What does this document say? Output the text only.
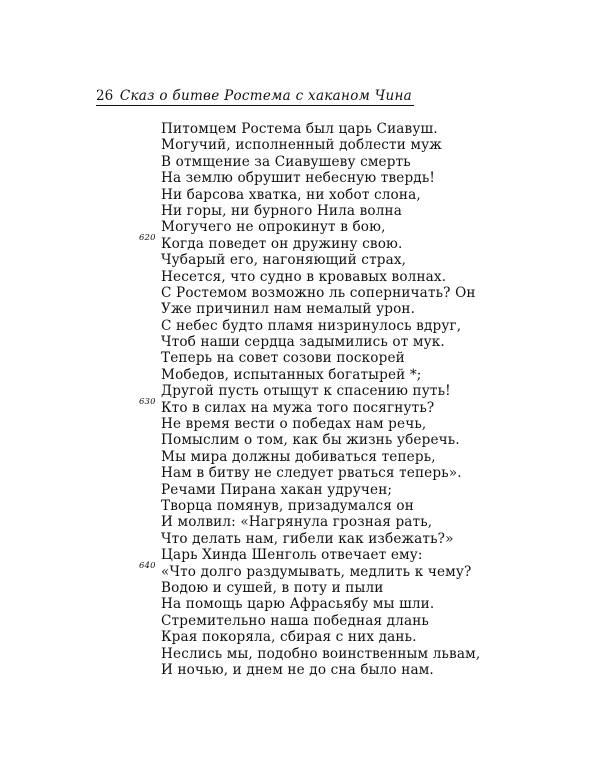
26 Сказ о битве Ростема с хаканом Чина
Питомцем Ростема был царь Сиавуш.
Могучий, исполненный доблести муж
В отмщение за Сиавушеву смерть
На землю обрушит небесную твердь!
Ни барсова хватка, ни хобот слона,
Ни горы, ни бурного Нила волна
Могучего не опрокинут в бою,
620 Когда поведет он дружину свою.
Чубарый его, нагоняющий страх,
Несется, что судно в кровавых волнах.
С Ростемом возможно ль соперничать? Он
Уже причинил нам немалый урон.
С небес будто пламя низринулось вдруг,
Чтоб наши сердца задымились от мук.
Теперь на совет созови поскорей
Мобедов, испытанных богатырей *;
Другой пусть отыщут к спасению путь!
630 Кто в силах на мужа того посягнуть?
Не время вести о победах нам речь,
Помыслим о том, как бы жизнь уберечь.
Мы мира должны добиваться теперь,
Нам в битву не следует рваться теперь».
Речами Пирана хакан удручен;
Творца помянув, призадумался он
И молвил: «Нагрянула грозная рать,
Что делать нам, гибели как избежать?»
Царь Хинда Шенголь отвечает ему:
640 «Что долго раздумывать, медлить к чему?
Водою и сушей, в поту и пыли
На помощь царю Афрасьябу мы шли.
Стремительно наша победная длань
Края покоряла, сбирая с них дань.
Неслись мы, подобно воинственным львам,
И ночью, и днем не до сна было нам.
